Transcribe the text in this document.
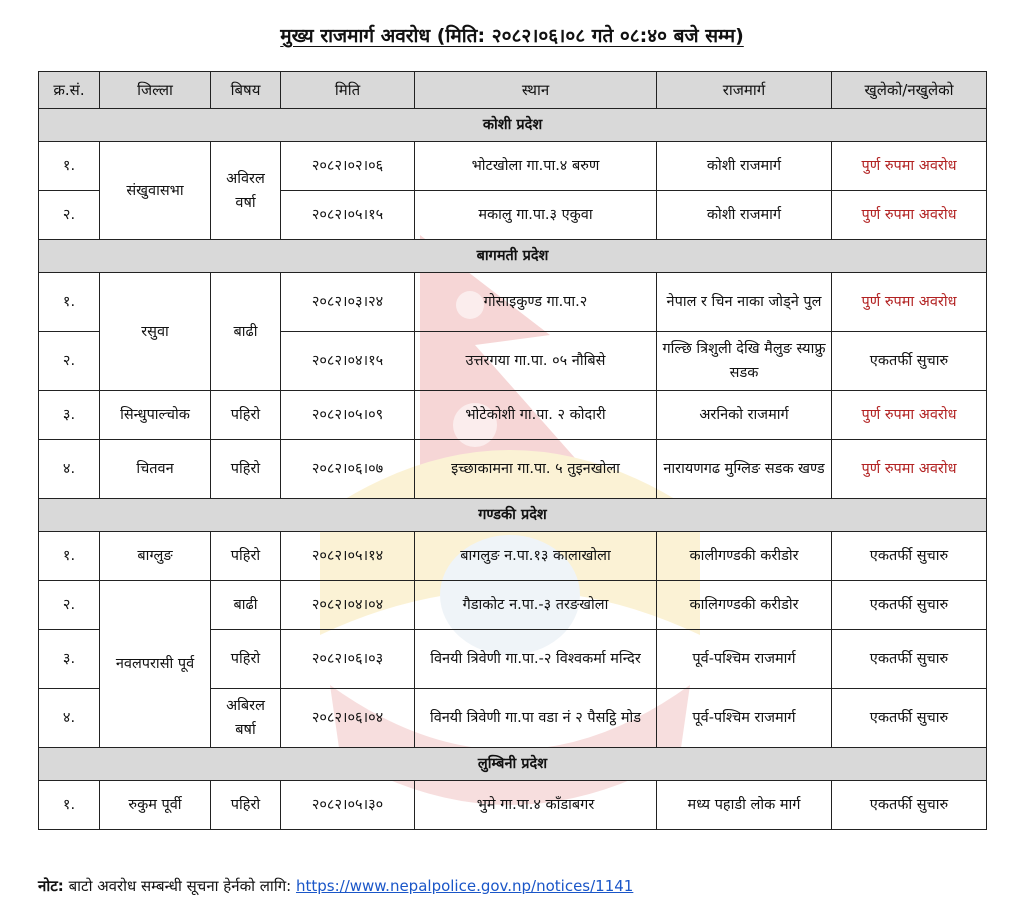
मुख्य राजमार्ग अवरोध (मिति: २०८२।०६।०८ गते ०८:४० बजे सम्म)
क्र.सं.	जिल्ला	बिषय	मिति	स्थान	राजमार्ग	खुलेको/नखुलेको
कोशी प्रदेश						
१.	संखुवासभा	अविरल वर्षा	२०८२।०२।०६	भोटखोला गा.पा.४ बरुण	कोशी राजमार्ग	पुर्ण रुपमा अवरोध
२.			२०८२।०५।१५	मकालु गा.पा.३ एकुवा	कोशी राजमार्ग	पुर्ण रुपमा अवरोध
बागमती प्रदेश						
१.	रसुवा	बाढी	२०८२।०३।२४	गोसाइकुण्ड गा.पा.२	नेपाल र चिन नाका जोड्ने पुल	पुर्ण रुपमा अवरोध
२.			२०८२।०४।१५	उत्तरगया गा.पा. ०५ नौबिसे	गल्छि त्रिशुली देखि मैलुङ स्याफ्रु सडक	एकतर्फी सुचारु
३.	सिन्धुपाल्चोक	पहिरो	२०८२।०५।०९	भोटेकोशी गा.पा. २ कोदारी	अरनिको राजमार्ग	पुर्ण रुपमा अवरोध
४.	चितवन	पहिरो	२०८२।०६।०७	इच्छाकामना गा.पा. ५ तुइनखोला	नारायणगढ मुग्लिङ सडक खण्ड	पुर्ण रुपमा अवरोध
गण्डकी प्रदेश						
१.	बाग्लुङ	पहिरो	२०८२।०५।१४	बागलुङ न.पा.१३ कालाखोला	कालीगण्डकी करीडोर	एकतर्फी सुचारु
२.	नवलपरासी पूर्व	बाढी	२०८२।०४।०४	गैडाकोट न.पा.-३ तरङखोला	कालिगण्डकी करीडोर	एकतर्फी सुचारु
३.		पहिरो	२०८२।०६।०३	विनयी त्रिवेणी गा.पा.-२ विश्वकर्मा मन्दिर	पूर्व-पश्चिम राजमार्ग	एकतर्फी सुचारु
४.		अबिरल बर्षा	२०८२।०६।०४	विनयी त्रिवेणी गा.पा वडा नं २ पैसट्ठि मोड	पूर्व-पश्चिम राजमार्ग	एकतर्फी सुचारु
लुम्बिनी प्रदेश						
१.	रुकुम पूर्वी	पहिरो	२०८२।०५।३०	भुमे गा.पा.४ काँडाबगर	मध्य पहाडी लोक मार्ग	एकतर्फी सुचारु
नोट: बाटो अवरोध सम्बन्धी सूचना हेर्नको लागि: https://www.nepalpolice.gov.np/notices/1141
